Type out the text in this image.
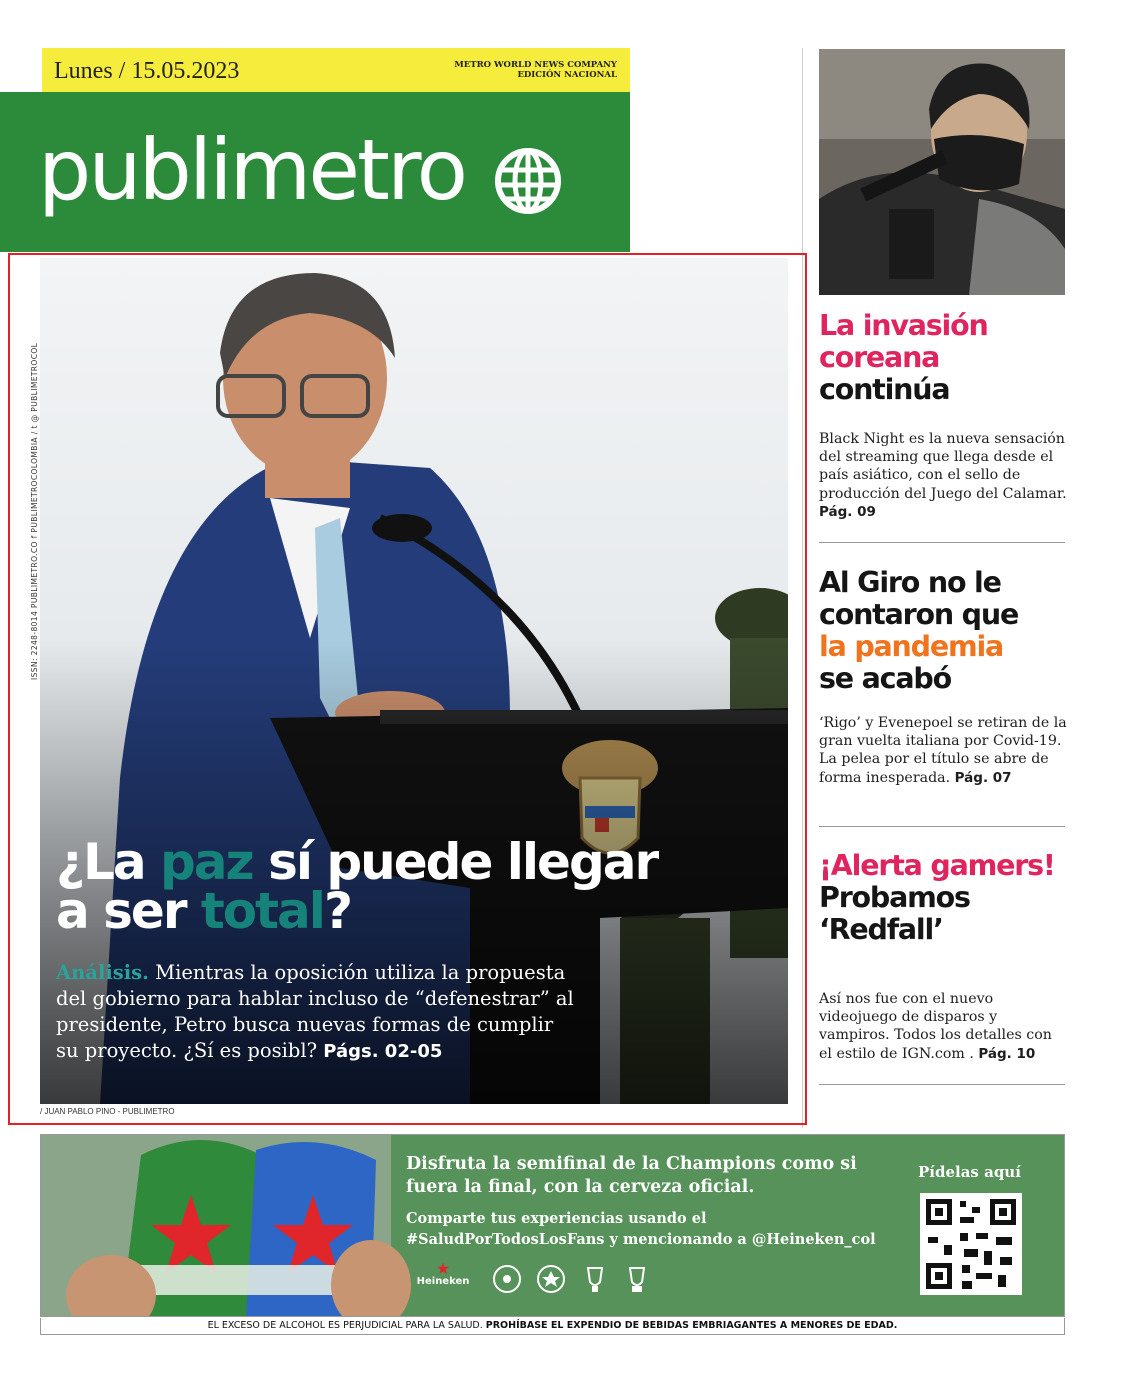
Lunes / 15.05.2023	METRO WORLD NEWS COMPANY
EDICIÓN NACIONAL
publimetro
ISSN: 2248-8014 PUBLIMETRO.CO f PUBLIMETROCOLOMBIA / t @ PUBLIMETROCOL
/ JUAN PABLO PINO - PUBLIMETRO
¿La paz sí puede llegar a ser total?
Análisis. Mientras la oposición utiliza la propuesta del gobierno para hablar incluso de “defenestrar” al presidente, Petro busca nuevas formas de cumplir su proyecto. ¿Sí es posibl? Págs. 02-05
La invasión coreana
continúa
Black Night es la nueva sensación del streaming que llega desde el país asiático, con el sello de producción del Juego del Calamar. Pág. 09
Al Giro no le contaron que
la pandemia
se acabó
‘Rigo’ y Evenepoel se retiran de la gran vuelta italiana por Covid-19. La pelea por el título se abre de forma inesperada. Pág. 07
¡Alerta gamers!
Probamos ‘Redfall’
Así nos fue con el nuevo videojuego de disparos y vampiros. Todos los detalles con el estilo de IGN.com . Pág. 10
Disfruta la semifinal de la Champions como si fuera la final, con la cerveza oficial.
Comparte tus experiencias usando el #SaludPorTodosLosFans y mencionando a @Heineken_col
Pídelas aquí
★
Heineken
EL EXCESO DE ALCOHOL ES PERJUDICIAL PARA LA SALUD. PROHÍBASE EL EXPENDIO DE BEBIDAS EMBRIAGANTES A MENORES DE EDAD.
